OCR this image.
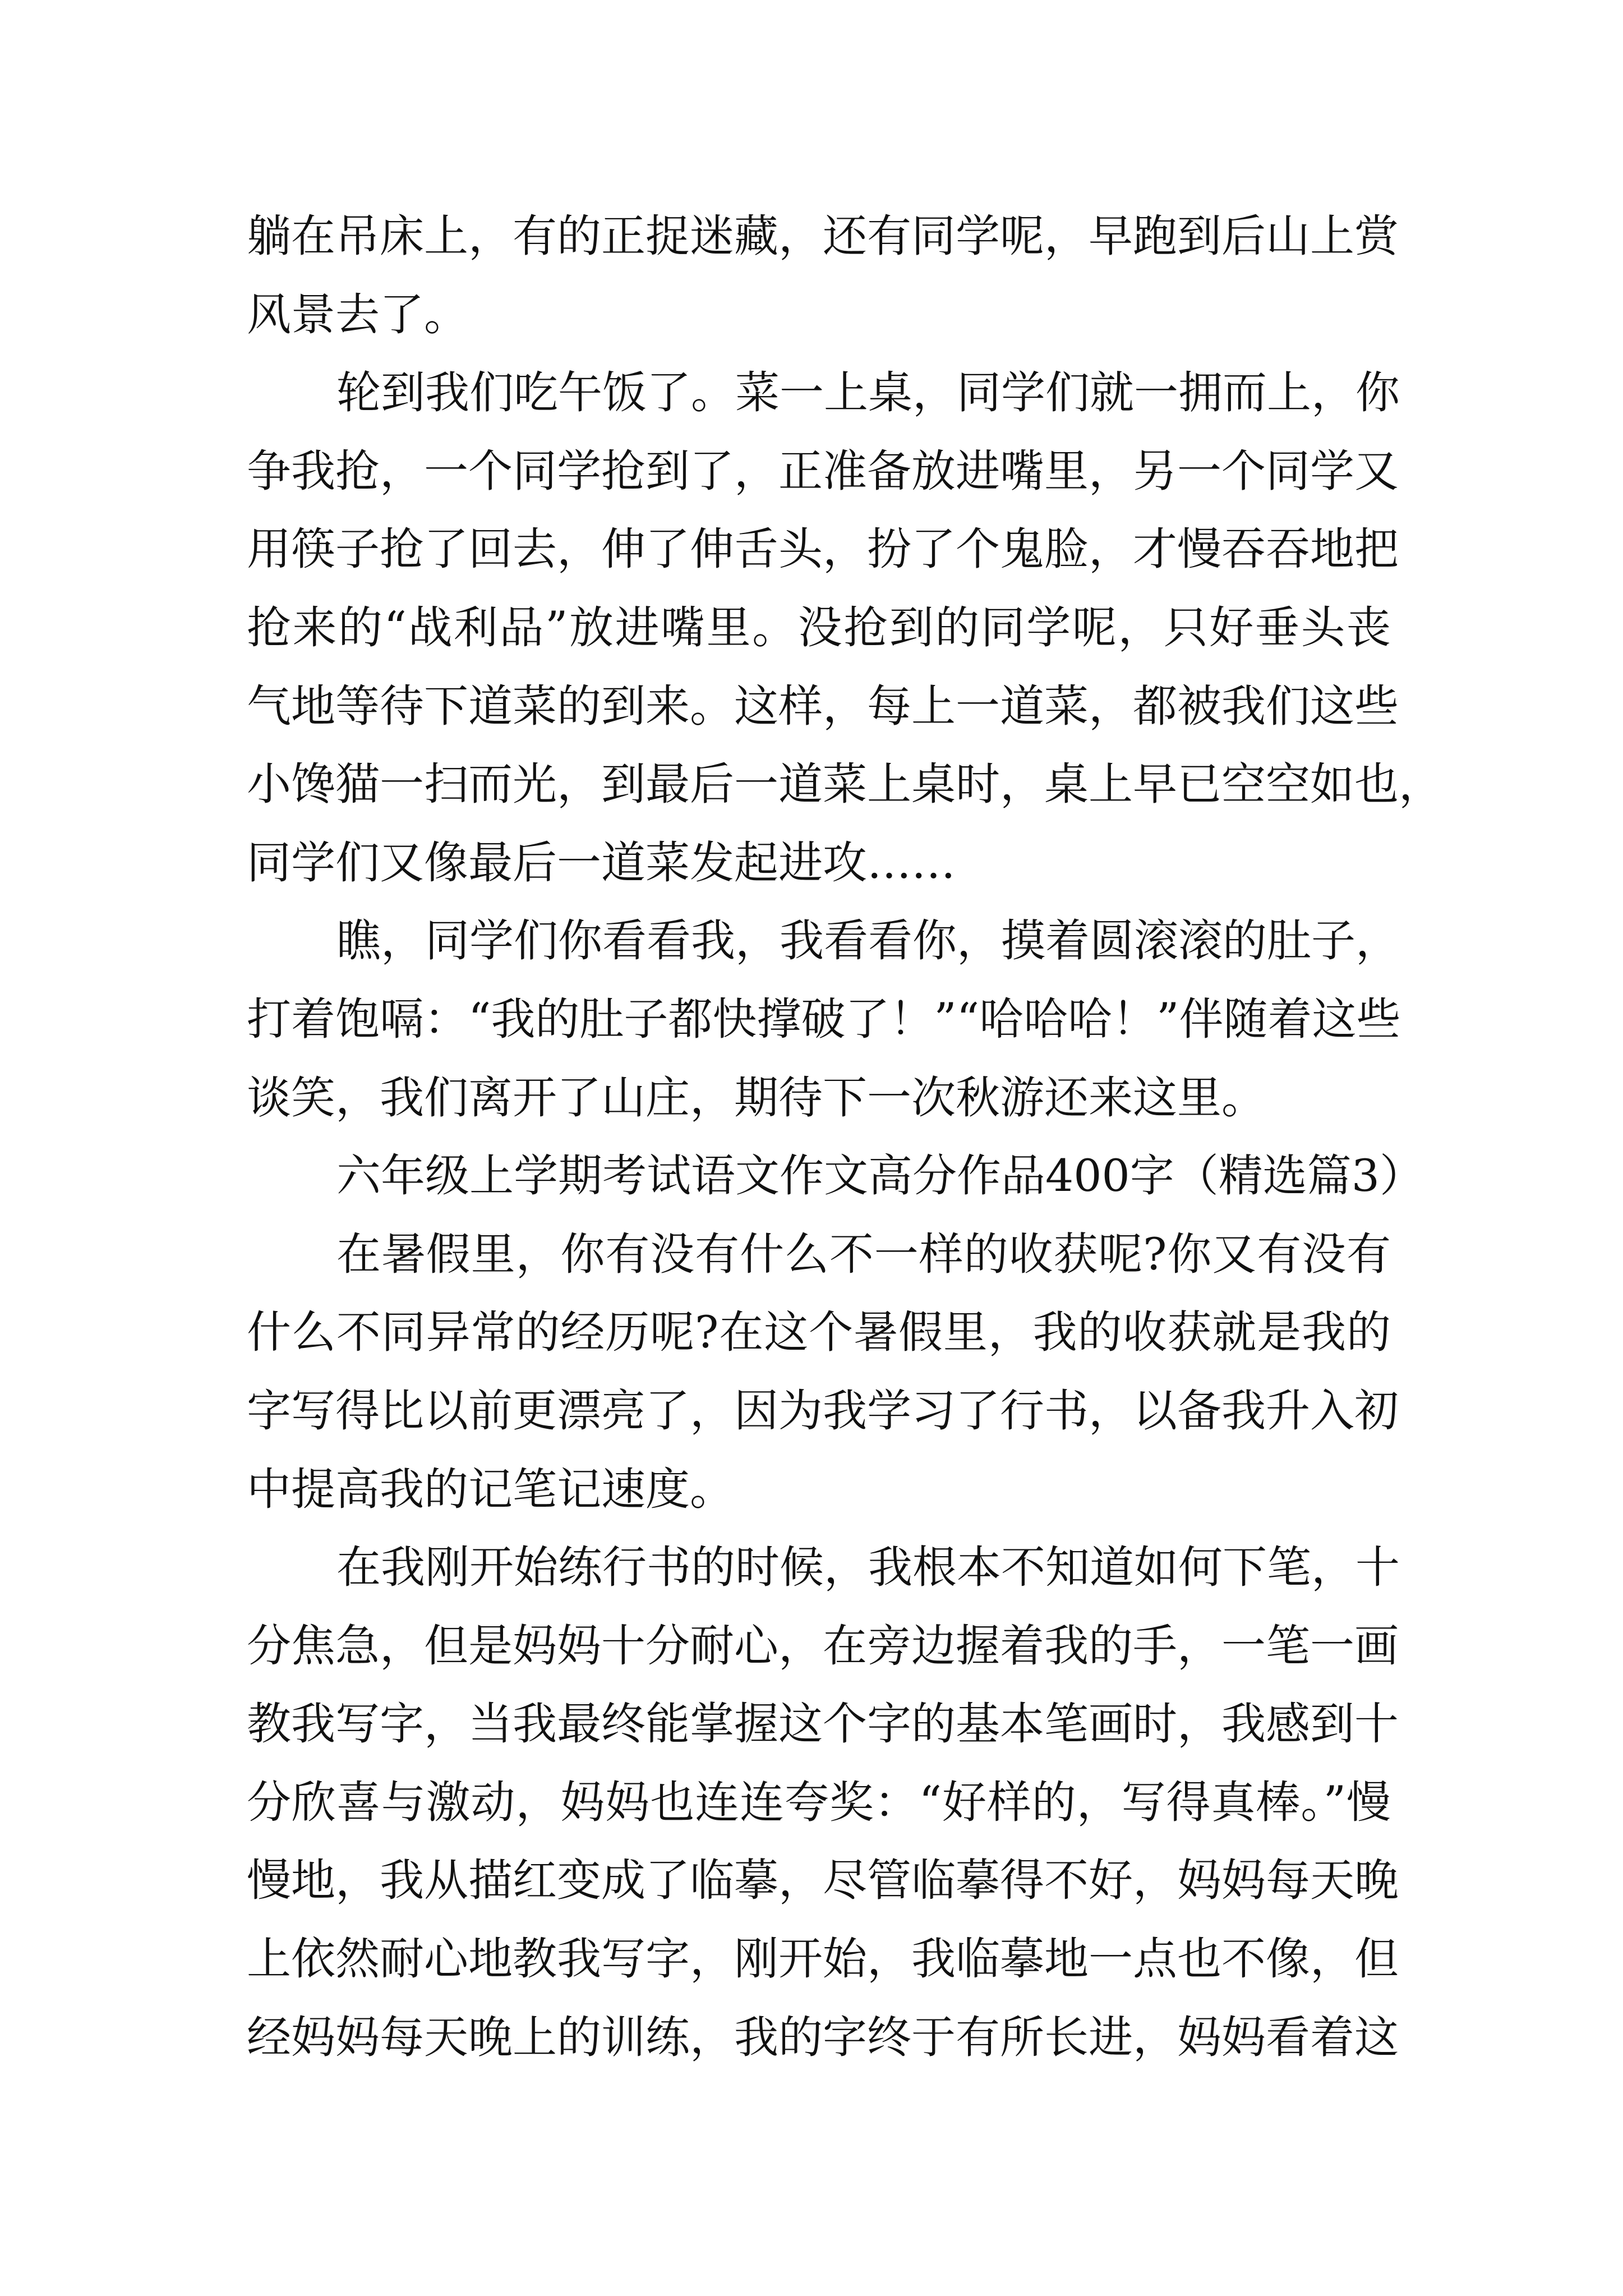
躺在吊床上，有的正捉迷藏，还有同学呢，早跑到后山上赏
风景去了。
轮到我们吃午饭了。菜一上桌，同学们就一拥而上，你
争我抢，一个同学抢到了，正准备放进嘴里，另一个同学又
用筷子抢了回去，伸了伸舌头，扮了个鬼脸，才慢吞吞地把
抢来的“战利品”放进嘴里。没抢到的同学呢，只好垂头丧
气地等待下道菜的到来。这样，每上一道菜，都被我们这些
小馋猫一扫而光，到最后一道菜上桌时，桌上早已空空如也，
同学们又像最后一道菜发起进攻……
瞧，同学们你看看我，我看看你，摸着圆滚滚的肚子，
打着饱嗝：“我的肚子都快撑破了！”“哈哈哈！”伴随着这些
谈笑，我们离开了山庄，期待下一次秋游还来这里。
六年级上学期考试语文作文高分作品400字（精选篇3）
在暑假里，你有没有什么不一样的收获呢?你又有没有
什么不同异常的经历呢?在这个暑假里，我的收获就是我的
字写得比以前更漂亮了，因为我学习了行书，以备我升入初
中提高我的记笔记速度。
在我刚开始练行书的时候，我根本不知道如何下笔，十
分焦急，但是妈妈十分耐心，在旁边握着我的手，一笔一画
教我写字，当我最终能掌握这个字的基本笔画时，我感到十
分欣喜与激动，妈妈也连连夸奖：“好样的，写得真棒。”慢
慢地，我从描红变成了临摹，尽管临摹得不好，妈妈每天晚
上依然耐心地教我写字，刚开始，我临摹地一点也不像，但
经妈妈每天晚上的训练，我的字终于有所长进，妈妈看着这
